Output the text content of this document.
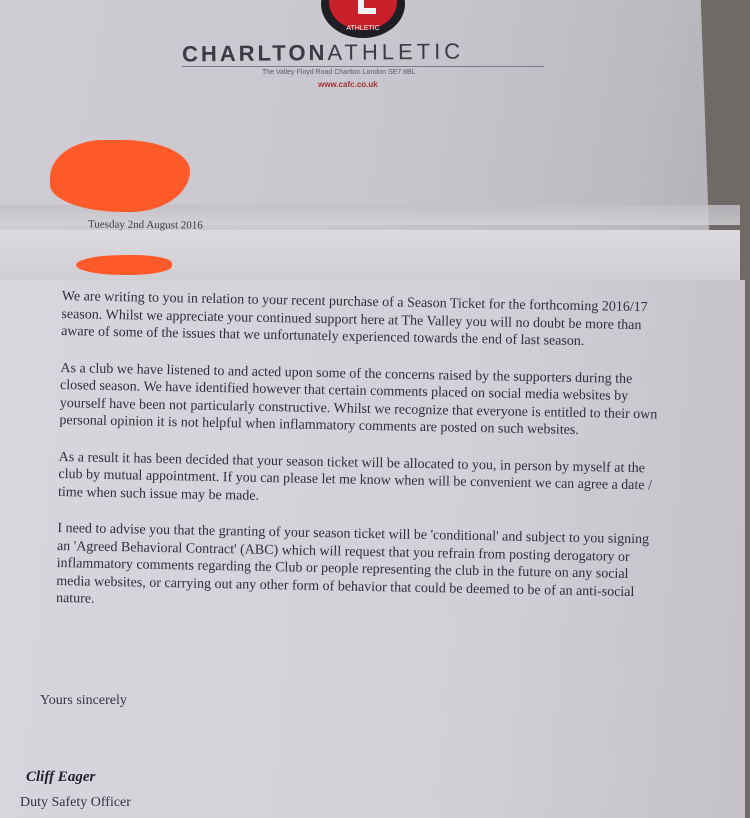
ATHLETIC
CHARLTONATHLETIC
The Valley Floyd Road Charlton London SE7 8BL
www.cafc.co.uk
Tuesday 2nd August 2016

We are writing to you in relation to your recent purchase of a Season Ticket for the forthcoming 2016/17 season. Whilst we appreciate your continued support here at The Valley you will no doubt be more than aware of some of the issues that we unfortunately experienced towards the end of last season.

As a club we have listened to and acted upon some of the concerns raised by the supporters during the closed season. We have identified however that certain comments placed on social media websites by yourself have been not particularly constructive. Whilst we recognize that everyone is entitled to their own personal opinion it is not helpful when inflammatory comments are posted on such websites.

As a result it has been decided that your season ticket will be allocated to you, in person by myself at the club by mutual appointment. If you can please let me know when will be convenient we can agree a date / time when such issue may be made.

I need to advise you that the granting of your season ticket will be 'conditional' and subject to you signing an 'Agreed Behavioral Contract' (ABC) which will request that you refrain from posting derogatory or inflammatory comments regarding the Club or people representing the club in the future on any social media websites, or carrying out any other form of behavior that could be deemed to be of an anti-social nature.

Yours sincerely
Cliff Eager
Duty Safety Officer
